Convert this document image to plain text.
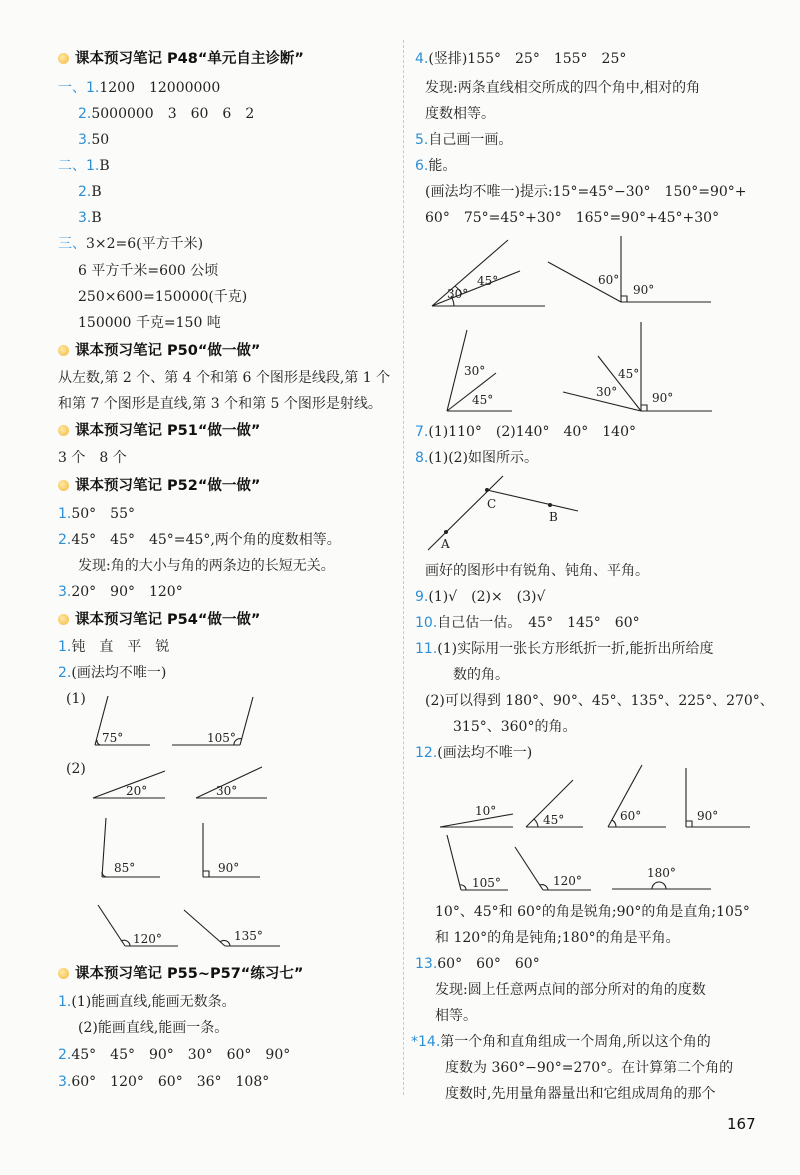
课本预习笔记 P48“单元自主诊断”
一、1.1200　12000000
2.5000000　3　60　6　2
3.50
二、1.B
2.B
3.B
三、3×2=6(平方千米)
6 平方千米=600 公顷
250×600=150000(千克)
150000 千克=150 吨
课本预习笔记 P50“做一做”
从左数,第 2 个、第 4 个和第 6 个图形是线段,第 1 个
和第 7 个图形是直线,第 3 个和第 5 个图形是射线。
课本预习笔记 P51“做一做”
3 个　8 个
课本预习笔记 P52“做一做”
1.50°　55°
2.45°　45°　45°=45°,两个角的度数相等。
发现:角的大小与角的两条边的长短无关。
3.20°　90°　120°
课本预习笔记 P54“做一做”
1.钝　直　平　锐
2.(画法均不唯一)
(1)
(2)
75°	105°
20°	30°
85°	90°
120°	135°
课本预习笔记 P55~P57“练习七”
1.(1)能画直线,能画无数条。
(2)能画直线,能画一条。
2.45°　45°　90°　30°　60°　90°
3.60°　120°　60°　36°　108°
4.(竖排)155°　25°　155°　25°
发现:两条直线相交所成的四个角中,相对的角
度数相等。
5.自己画一画。
6.能。
(画法均不唯一)提示:15°=45°−30°　150°=90°+
60°　75°=45°+30°　165°=90°+45°+30°
7.(1)110°　(2)140°　40°　140°
8.(1)(2)如图所示。
画好的图形中有锐角、钝角、平角。
9.(1)√　(2)×　(3)√
10.自己估一估。　45°　145°　60°
11.(1)实际用一张长方形纸折一折,能折出所给度
数的角。
(2)可以得到 180°、90°、45°、135°、225°、270°、
315°、360°的角。
12.(画法均不唯一)
10°、45°和 60°的角是锐角;90°的角是直角;105°
和 120°的角是钝角;180°的角是平角。
13.60°　60°　60°
发现:圆上任意两点间的部分所对的角的度数
相等。
*14.第一个角和直角组成一个周角,所以这个角的
度数为 360°−90°=270°。在计算第二个角的
度数时,先用量角器量出和它组成周角的那个
30°
45°	60°
90°
30°
45°
45°
30°	90°
A
C
B
10°
45°	60°	90°
105°	120°
180°
167
